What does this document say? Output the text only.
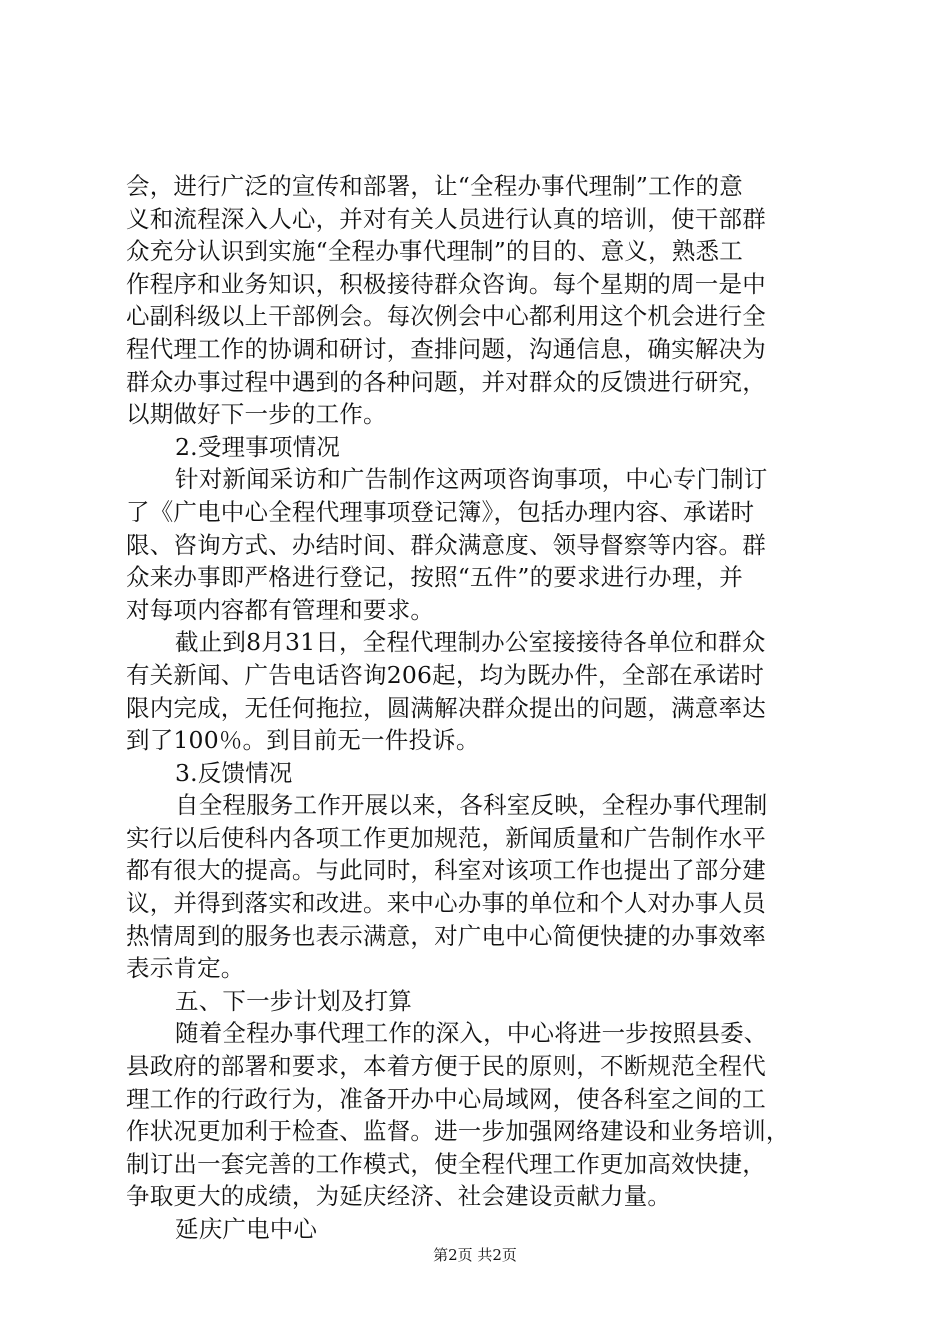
会，进行广泛的宣传和部署，让“全程办事代理制”工作的意
义和流程深入人心，并对有关人员进行认真的培训，使干部群
众充分认识到实施“全程办事代理制”的目的、意义，熟悉工
作程序和业务知识，积极接待群众咨询。每个星期的周一是中
心副科级以上干部例会。每次例会中心都利用这个机会进行全
程代理工作的协调和研讨，查排问题，沟通信息，确实解决为
群众办事过程中遇到的各种问题，并对群众的反馈进行研究，
以期做好下一步的工作。
2.受理事项情况
针对新闻采访和广告制作这两项咨询事项，中心专门制订
了《广电中心全程代理事项登记簿》，包括办理内容、承诺时
限、咨询方式、办结时间、群众满意度、领导督察等内容。群
众来办事即严格进行登记，按照“五件”的要求进行办理，并
对每项内容都有管理和要求。
截止到8月31日，全程代理制办公室接接待各单位和群众
有关新闻、广告电话咨询206起，均为既办件，全部在承诺时
限内完成，无任何拖拉，圆满解决群众提出的问题，满意率达
到了100％。到目前无一件投诉。
3.反馈情况
自全程服务工作开展以来，各科室反映，全程办事代理制
实行以后使科内各项工作更加规范，新闻质量和广告制作水平
都有很大的提高。与此同时，科室对该项工作也提出了部分建
议，并得到落实和改进。来中心办事的单位和个人对办事人员
热情周到的服务也表示满意，对广电中心简便快捷的办事效率
表示肯定。
五、下一步计划及打算
随着全程办事代理工作的深入，中心将进一步按照县委、
县政府的部署和要求，本着方便于民的原则，不断规范全程代
理工作的行政行为，准备开办中心局域网，使各科室之间的工
作状况更加利于检查、监督。进一步加强网络建设和业务培训，
制订出一套完善的工作模式，使全程代理工作更加高效快捷，
争取更大的成绩，为延庆经济、社会建设贡献力量。
延庆广电中心
第2页 共2页
